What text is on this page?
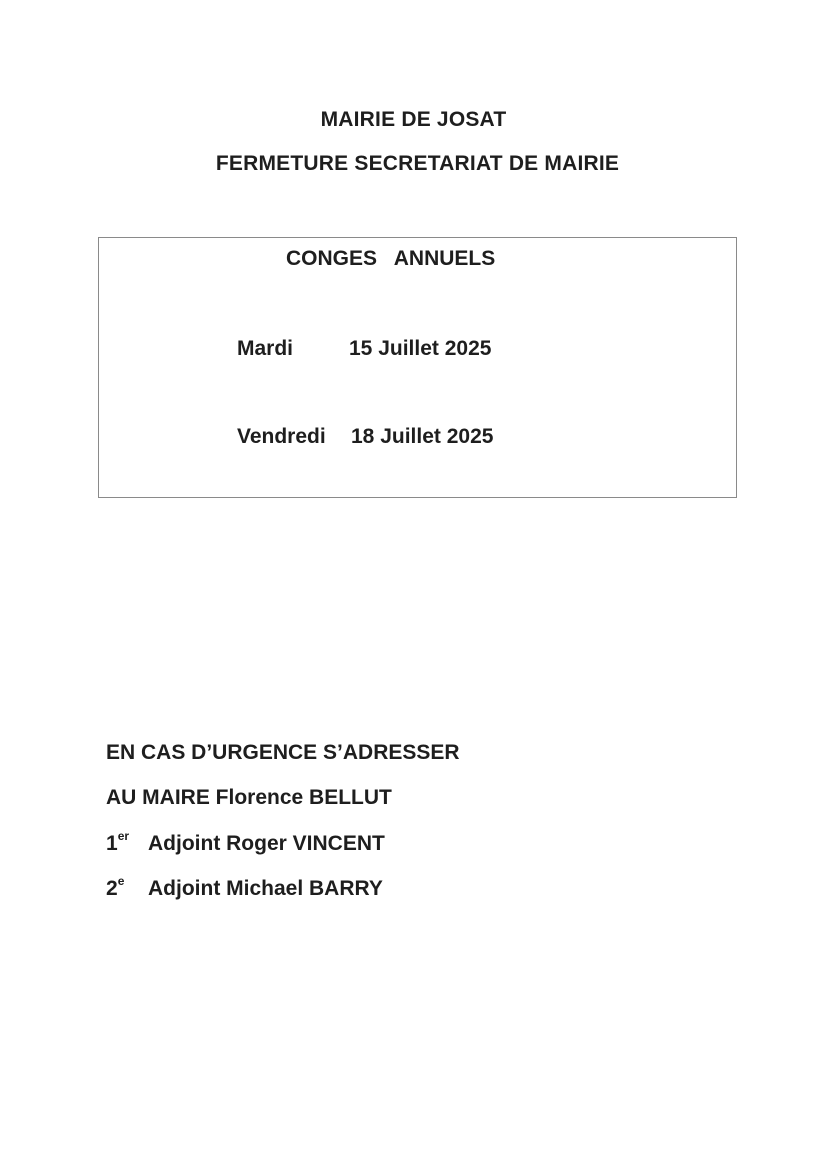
MAIRIE DE JOSAT
FERMETURE SECRETARIAT DE MAIRIE
CONGES   ANNUELS
Mardi	15 Juillet 2025
Vendredi 18 Juillet 2025
EN CAS D’URGENCE S’ADRESSER
AU MAIRE Florence BELLUT
1er Adjoint Roger VINCENT
2e Adjoint Michael BARRY
